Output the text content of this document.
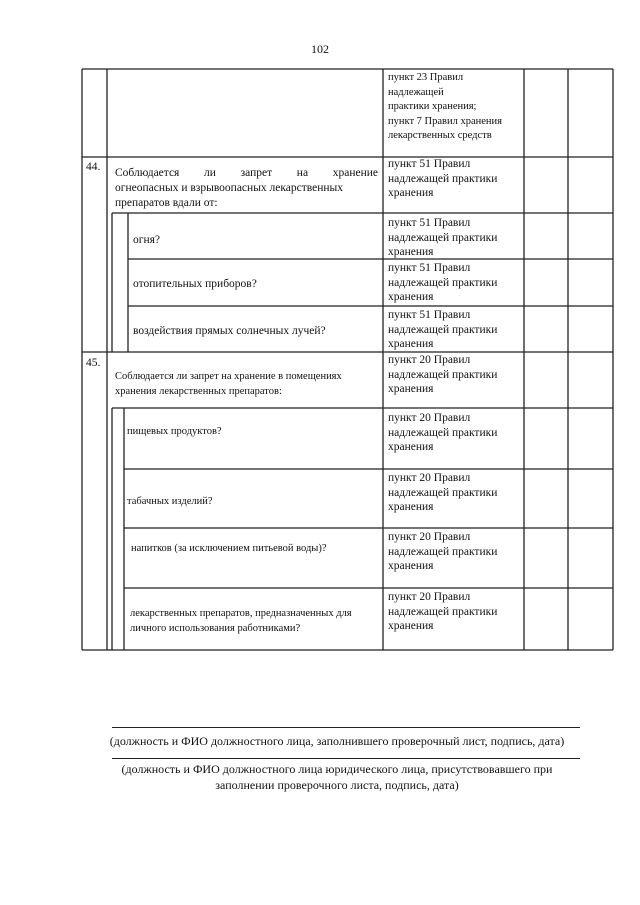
102
пункт 23 Правил
надлежащей
практики хранения;
пункт 7 Правил хранения
лекарственных средств
44. Соблюдается ли запрет на хранение
огнеопасных и взрывоопасных лекарственных
препаратов вдали от:
пункт 51 Правил
надлежащей практики
хранения
огня?
пункт 51 Правил
надлежащей практики
хранения
отопительных приборов?
пункт 51 Правил
надлежащей практики
хранения
воздействия прямых солнечных лучей?
пункт 51 Правил
надлежащей практики
хранения
45.
Соблюдается ли запрет на хранение в помещениях
хранения лекарственных препаратов:
пункт 20 Правил
надлежащей практики
хранения
пищевых продуктов?
пункт 20 Правил
надлежащей практики
хранения
табачных изделий?
пункт 20 Правил
надлежащей практики
хранения
напитков (за исключением питьевой воды)?
пункт 20 Правил
надлежащей практики
хранения
лекарственных препаратов, предназначенных для
личного использования работниками?
пункт 20 Правил
надлежащей практики
хранения
(должность и ФИО должностного лица, заполнившего проверочный лист, подпись, дата)
(должность и ФИО должностного лица юридического лица, присутствовавшего при
заполнении проверочного листа, подпись, дата)
